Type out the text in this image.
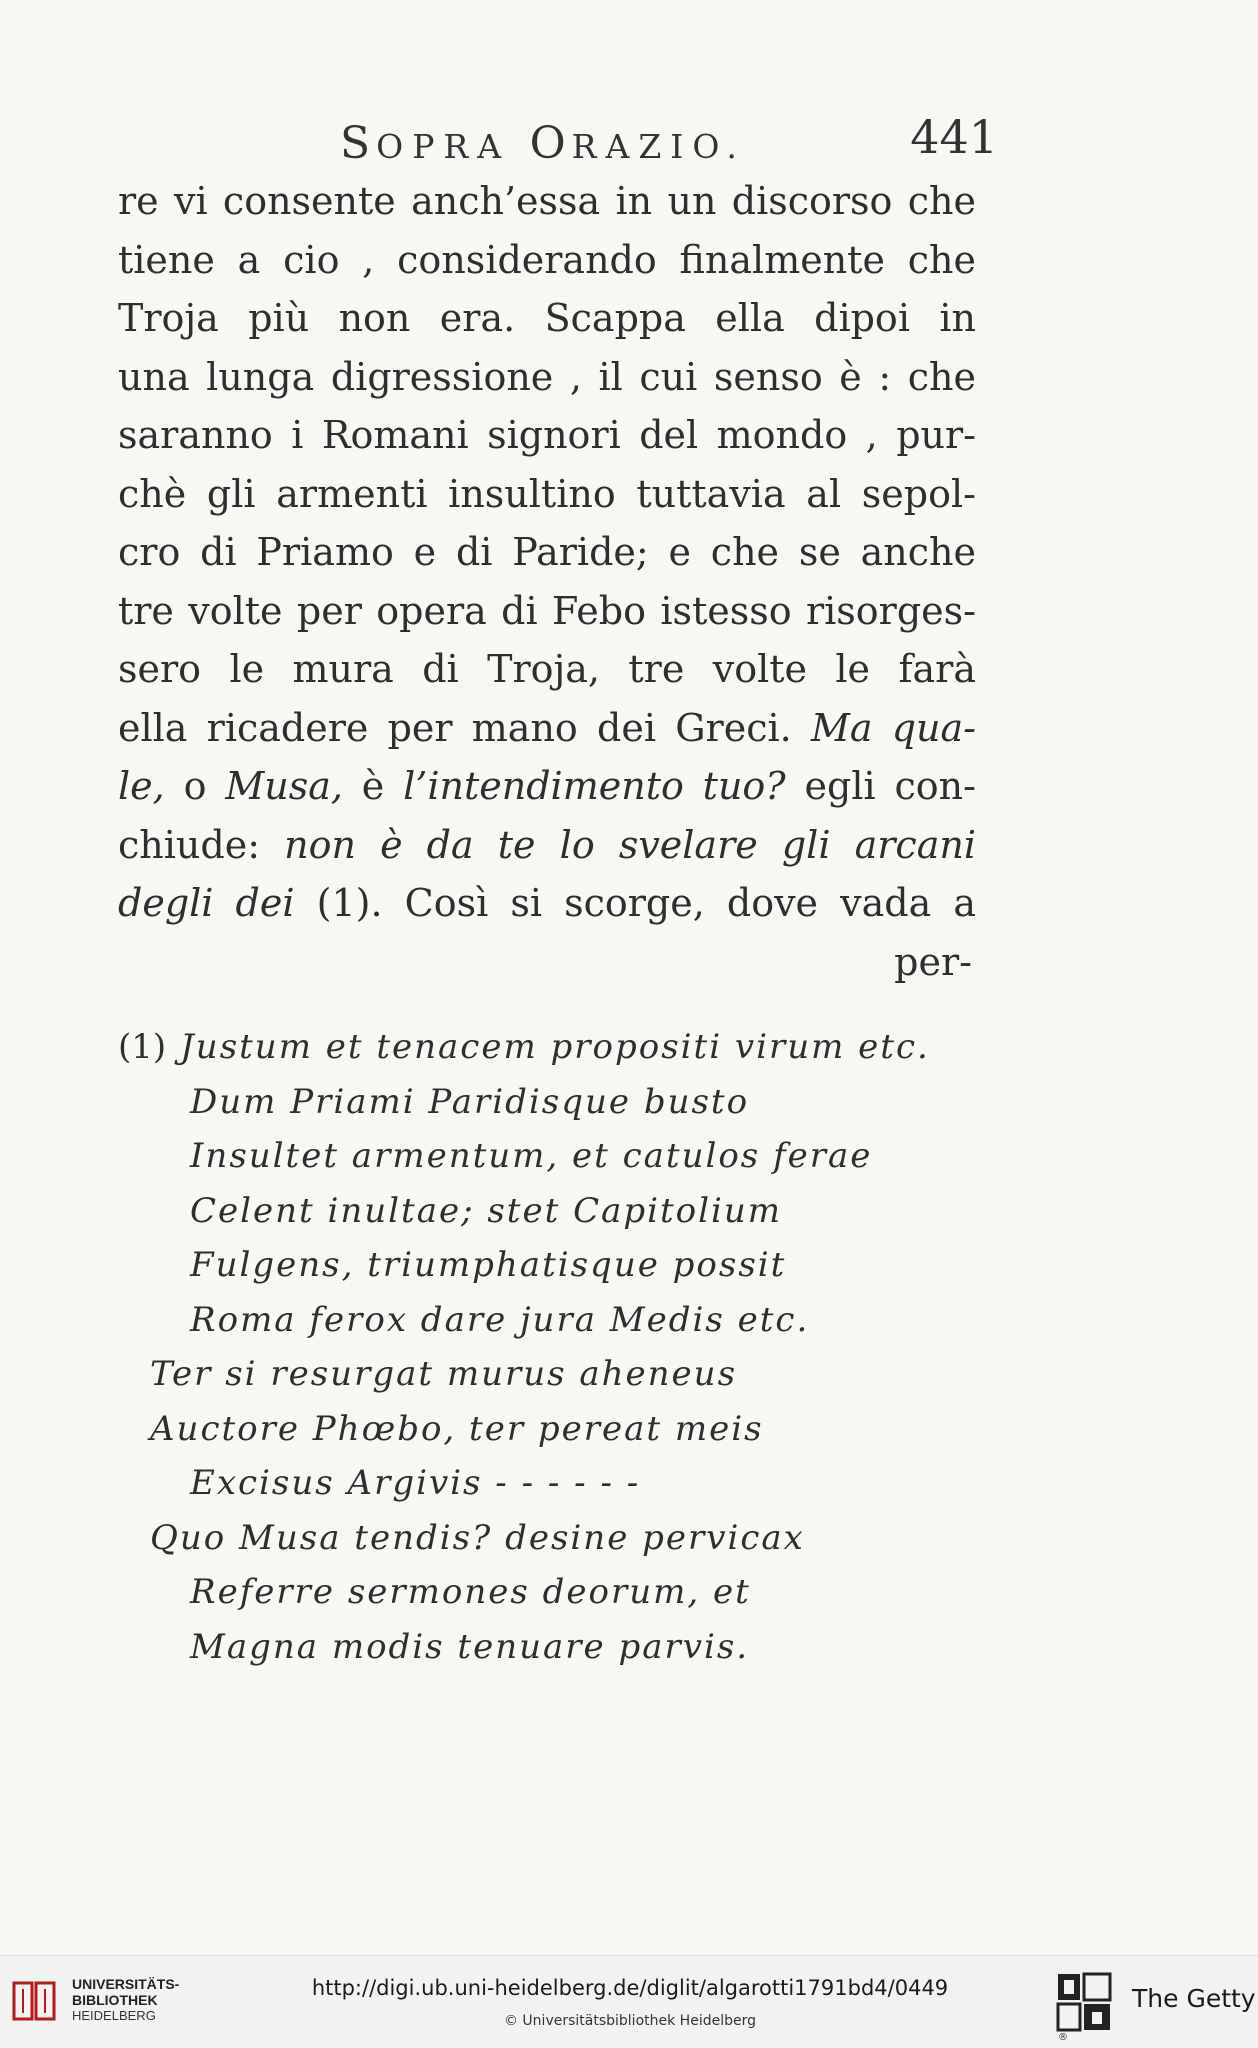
SOPRA ORAZIO.	441
re vi consente anch’essa in un discorso che
tiene a cio , considerando finalmente che
Troja più non era. Scappa ella dipoi in
una lunga digressione , il cui senso è : che
saranno i Romani signori del mondo , pur-
chè gli armenti insultino tuttavia al sepol-
cro di Priamo e di Paride; e che se anche
tre volte per opera di Febo istesso risorges-
sero le mura di Troja, tre volte le farà
ella ricadere per mano dei Greci. Ma qua-
le, o Musa, è l’intendimento tuo? egli con-
chiude: non è da te lo svelare gli arcani
degli dei (1). Così si scorge, dove vada a
per-
(1) Justum et tenacem propositi virum etc.
Dum Priami Paridisque busto
Insultet armentum, et catulos ferae
Celent inultae; stet Capitolium
Fulgens, triumphatisque possit
Roma ferox dare jura Medis etc.
Ter si resurgat murus aheneus
Auctore Phœbo, ter pereat meis
Excisus Argivis - - - - - -
Quo Musa tendis? desine pervicax
Referre sermones deorum, et
Magna modis tenuare parvis.
UNIVERSITÄTS-
BIBLIOTHEK
HEIDELBERG
http://digi.ub.uni-heidelberg.de/diglit/algarotti1791bd4/0449
© Universitätsbibliothek Heidelberg
®
The Getty
